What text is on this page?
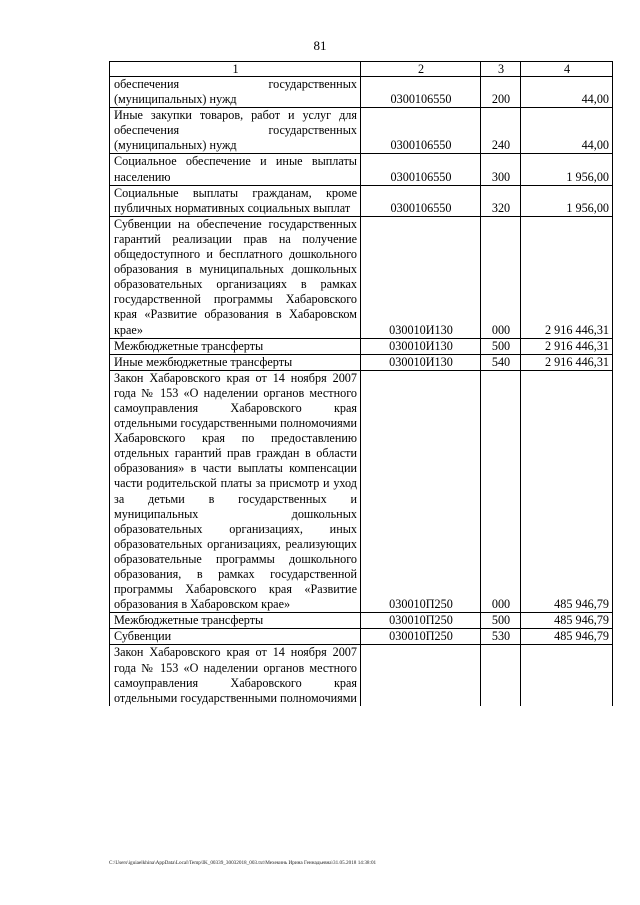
81
1	2	3	4
обеспечения государственных (муниципальных) нужд	0300106550	200	44,00
Иные закупки товаров, работ и услуг для обеспечения государственных (муниципальных) нужд	0300106550	240	44,00
Социальное обеспечение и иные выплаты населению	0300106550	300	1 956,00
Социальные выплаты гражданам, кроме публичных нормативных социальных выплат	0300106550	320	1 956,00
Субвенции на обеспечение государственных гарантий реализации прав на получение общедоступного и бесплатного дошкольного образования в муниципальных дошкольных образовательных организациях в рамках государственной программы Хабаровского края «Развитие образования в Хабаровском крае»	030010И130	000	2 916 446,31
Межбюджетные трансферты	030010И130	500	2 916 446,31
Иные межбюджетные трансферты	030010И130	540	2 916 446,31
Закон Хабаровского края от 14 ноября 2007 года № 153 «О наделении органов местного самоуправления Хабаровского края отдельными государственными полномочиями Хабаровского края по предоставлению отдельных гарантий прав граждан в области образования» в части выплаты компенсации части родительской платы за присмотр и уход за детьми в государственных и муниципальных дошкольных образовательных организациях, иных образовательных организациях, реализующих образовательные программы дошкольного образования, в рамках государственной программы Хабаровского края «Развитие образования в Хабаровском крае»	030010П250	000	485 946,79
Межбюджетные трансферты	030010П250	500	485 946,79
Субвенции	030010П250	530	485 946,79
Закон Хабаровского края от 14 ноября 2007 года № 153 «О наделении органов местного самоуправления Хабаровского края отдельными государственными полномочиями			
C:\Users\iguiaelkhina\AppData\Local\Temp\IK_00339_30032018_003.txt\Мехекинь Ирина Геннадьевна\31.05.2018 14:38:01
